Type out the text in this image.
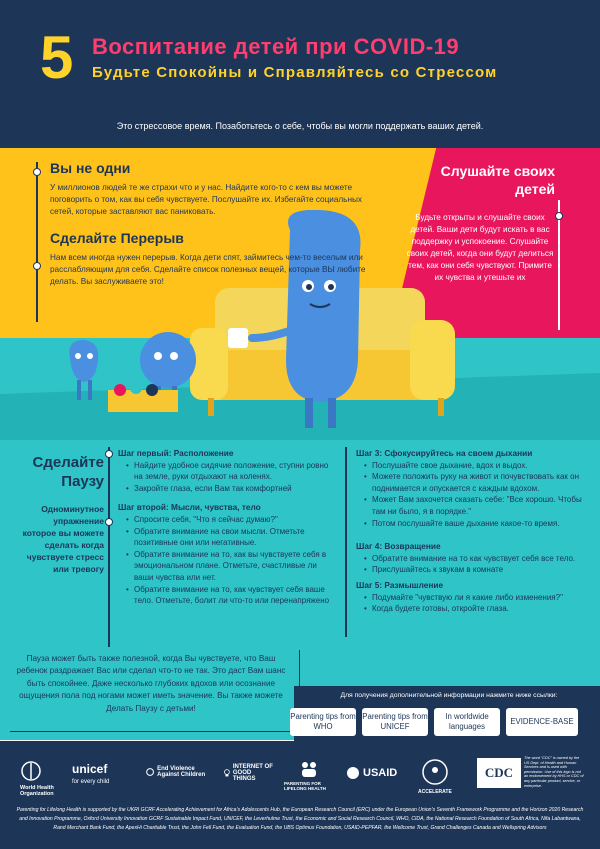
5 Воспитание детей при COVID-19
Будьте Спокойны и Справляйтесь со Стрессом
Это стрессовое время. Позаботьтесь о себе, чтобы вы могли поддержать ваших детей.
Вы не одни
У миллионов людей те же страхи что и у нас. Найдите кого-то с кем вы можете поговорить о том, как вы себя чувствуете. Послушайте их. Избегайте социальных сетей, которые заставляют вас паниковать.
Сделайте Перерыв
Нам всем иногда нужен перерыв. Когда дети спят, займитесь чем-то веселым или расслабляющим для себя. Сделайте список полезных вещей, которые ВЫ любите делать. Вы заслуживаете это!
Слушайте своих детей
Будьте открыты и слушайте своих детей. Ваши дети будут искать в вас поддержку и успокоение. Слушайте своих детей, когда они будут делиться тем, как они себя чувствуют. Примите их чувства и утешьте их
Сделайте Паузу
Одноминутное упражнение которое вы можете сделать когда чувствуете стресс или тревогу
Шаг первый: Расположение
• Найдите удобное сидячие положение, ступни ровно на земле, руки отдыхают на коленях.
• Закройте глаза, если Вам так комфортней
Шаг второй: Мысли, чувства, тело
• Спросите себя, "Что я сейчас думаю?"
• Обратите внимание на свои мысли. Отметьте позитивные они или негативные.
• Обратите внимание на то, как вы чувствуете себя в эмоциональном плане. Отметьте, счастливые ли ваши чувства или нет.
• Обратите внимание на то, как чувствует себя ваше тело. Отметьте, болит ли что-то или перенапряжено
Шаг 3: Сфокусируйтесь на своем дыхании
• Послушайте свое дыхание, вдох и выдох.
• Можете положить руку на живот и почувствовать как он поднимается и опускается с каждым вдохом.
• Может Вам захочется сказать себе: "Все хорошо. Чтобы там ни было, я в порядке."
• Потом послушайте ваше дыхание какое-то время.
Шаг 4: Возвращение
• Обратите внимание на то как чувствует себя все тело.
• Прислушайтесь к звукам в комнате
Шаг 5: Размышление
• Подумайте "чувствую ли я какие либо изменения?"
• Когда будете готовы, откройте глаза.
Пауза может быть также полезной, когда Вы чувствуете, что Ваш ребенок раздражает Вас или сделал что-то не так. Это даст Вам шанс быть спокойнее. Даже несколько глубоких вдохов или осознание ощущения пола под ногами может иметь значение. Вы также можете Делать Паузу с детьми!
Для получения дополнительной информации нажмите ниже ссылки:
Parenting tips from WHO
Parenting tips from UNICEF
In worldwide languages
EVIDENCE-BASE
World Health Organization
unicef
for every child
End Violence Against Children
INTERNET OF GOOD THINGS
PARENTING FOR LIFELONG HEALTH
USAID
ACCELERATE
CDC
The word "CDC" is owned by the US Dept. of Health and Human Services and is used with permission. Use of this logo is not an endorsement by HHS or CDC of any particular product, service, or enterprise.
Parenting for Lifelong Health is supported by the UKRI GCRF Accelerating Achievement for Africa's Adolescents Hub, the European Research Council (ERC) under the European Union's Seventh Framework Programme and the Horizon 2020 Research and Innovation Programme, Oxford University Innovation GCRF Sustainable Impact Fund, UNICEF, the Leverhulme Trust, the Economic and Social Research Council, WHO, CIDA, the National Research Foundation of South Africa, Nifa Labantwana, Rand Merchant Bank Fund, the ApexHi Charitable Trust, the John Fell Fund, the Evaluation Fund, the UBS Optimus Foundation, USAID-PEPFAR, the Wellcome Trust, Grand Challenges Canada and Wellspring Advisors
